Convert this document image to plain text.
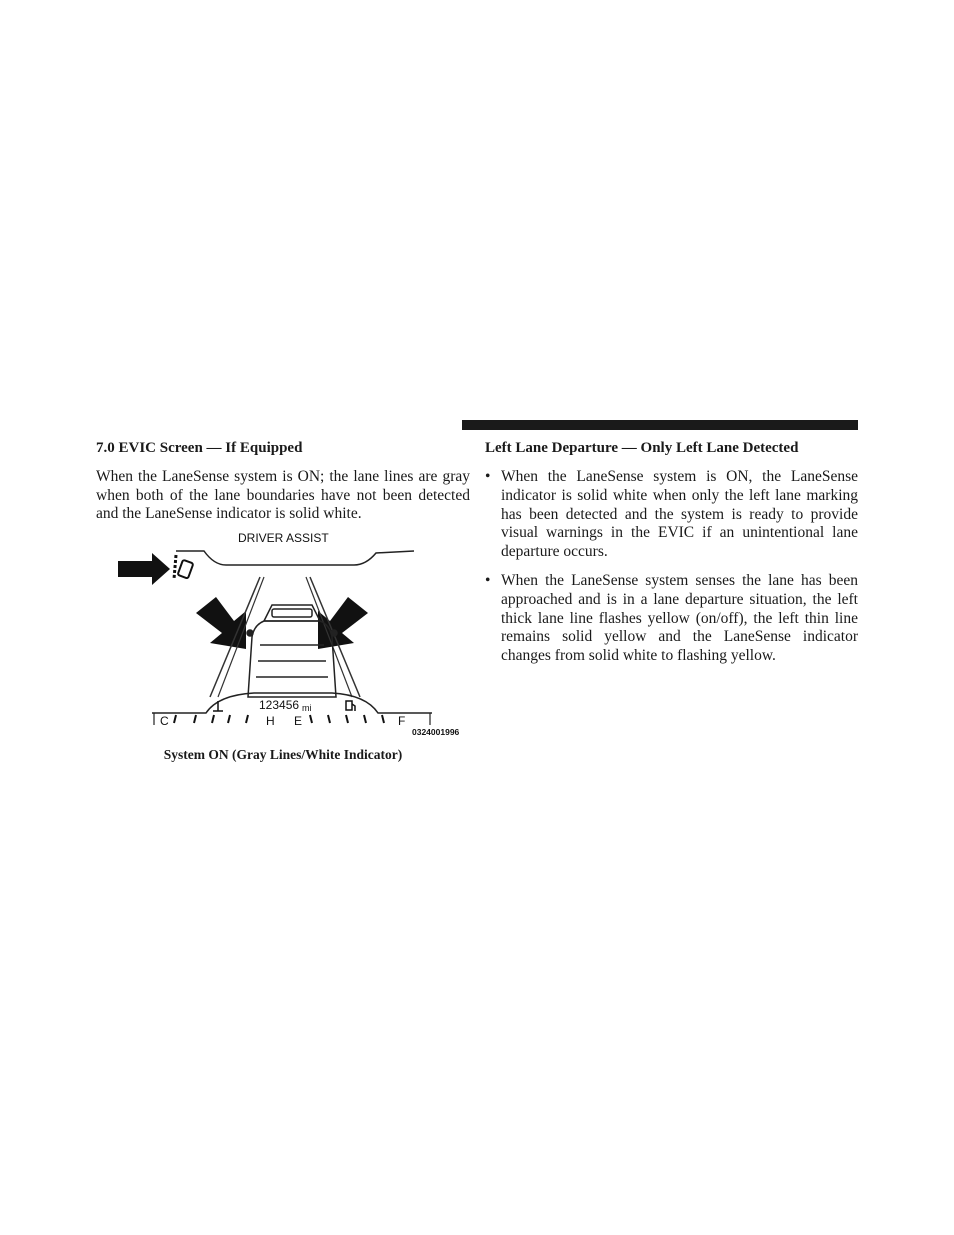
7.0 EVIC Screen — If Equipped

When the LaneSense system is ON; the lane lines are gray when both of the lane boundaries have not been detected and the LaneSense indicator is solid white.

DRIVER ASSIST
123456 mi
C	H E	F
0324001996
System ON (Gray Lines/White Indicator)
Left Lane Departure — Only Left Lane Detected
• When the LaneSense system is ON, the LaneSense indicator is solid white when only the left lane marking has been detected and the system is ready to provide visual warnings in the EVIC if an unintentional lane departure occurs.
• When the LaneSense system senses the lane has been approached and is in a lane departure situation, the left thick lane line flashes yellow (on/off), the left thin line remains solid yellow and the LaneSense indicator changes from solid white to flashing yellow.
